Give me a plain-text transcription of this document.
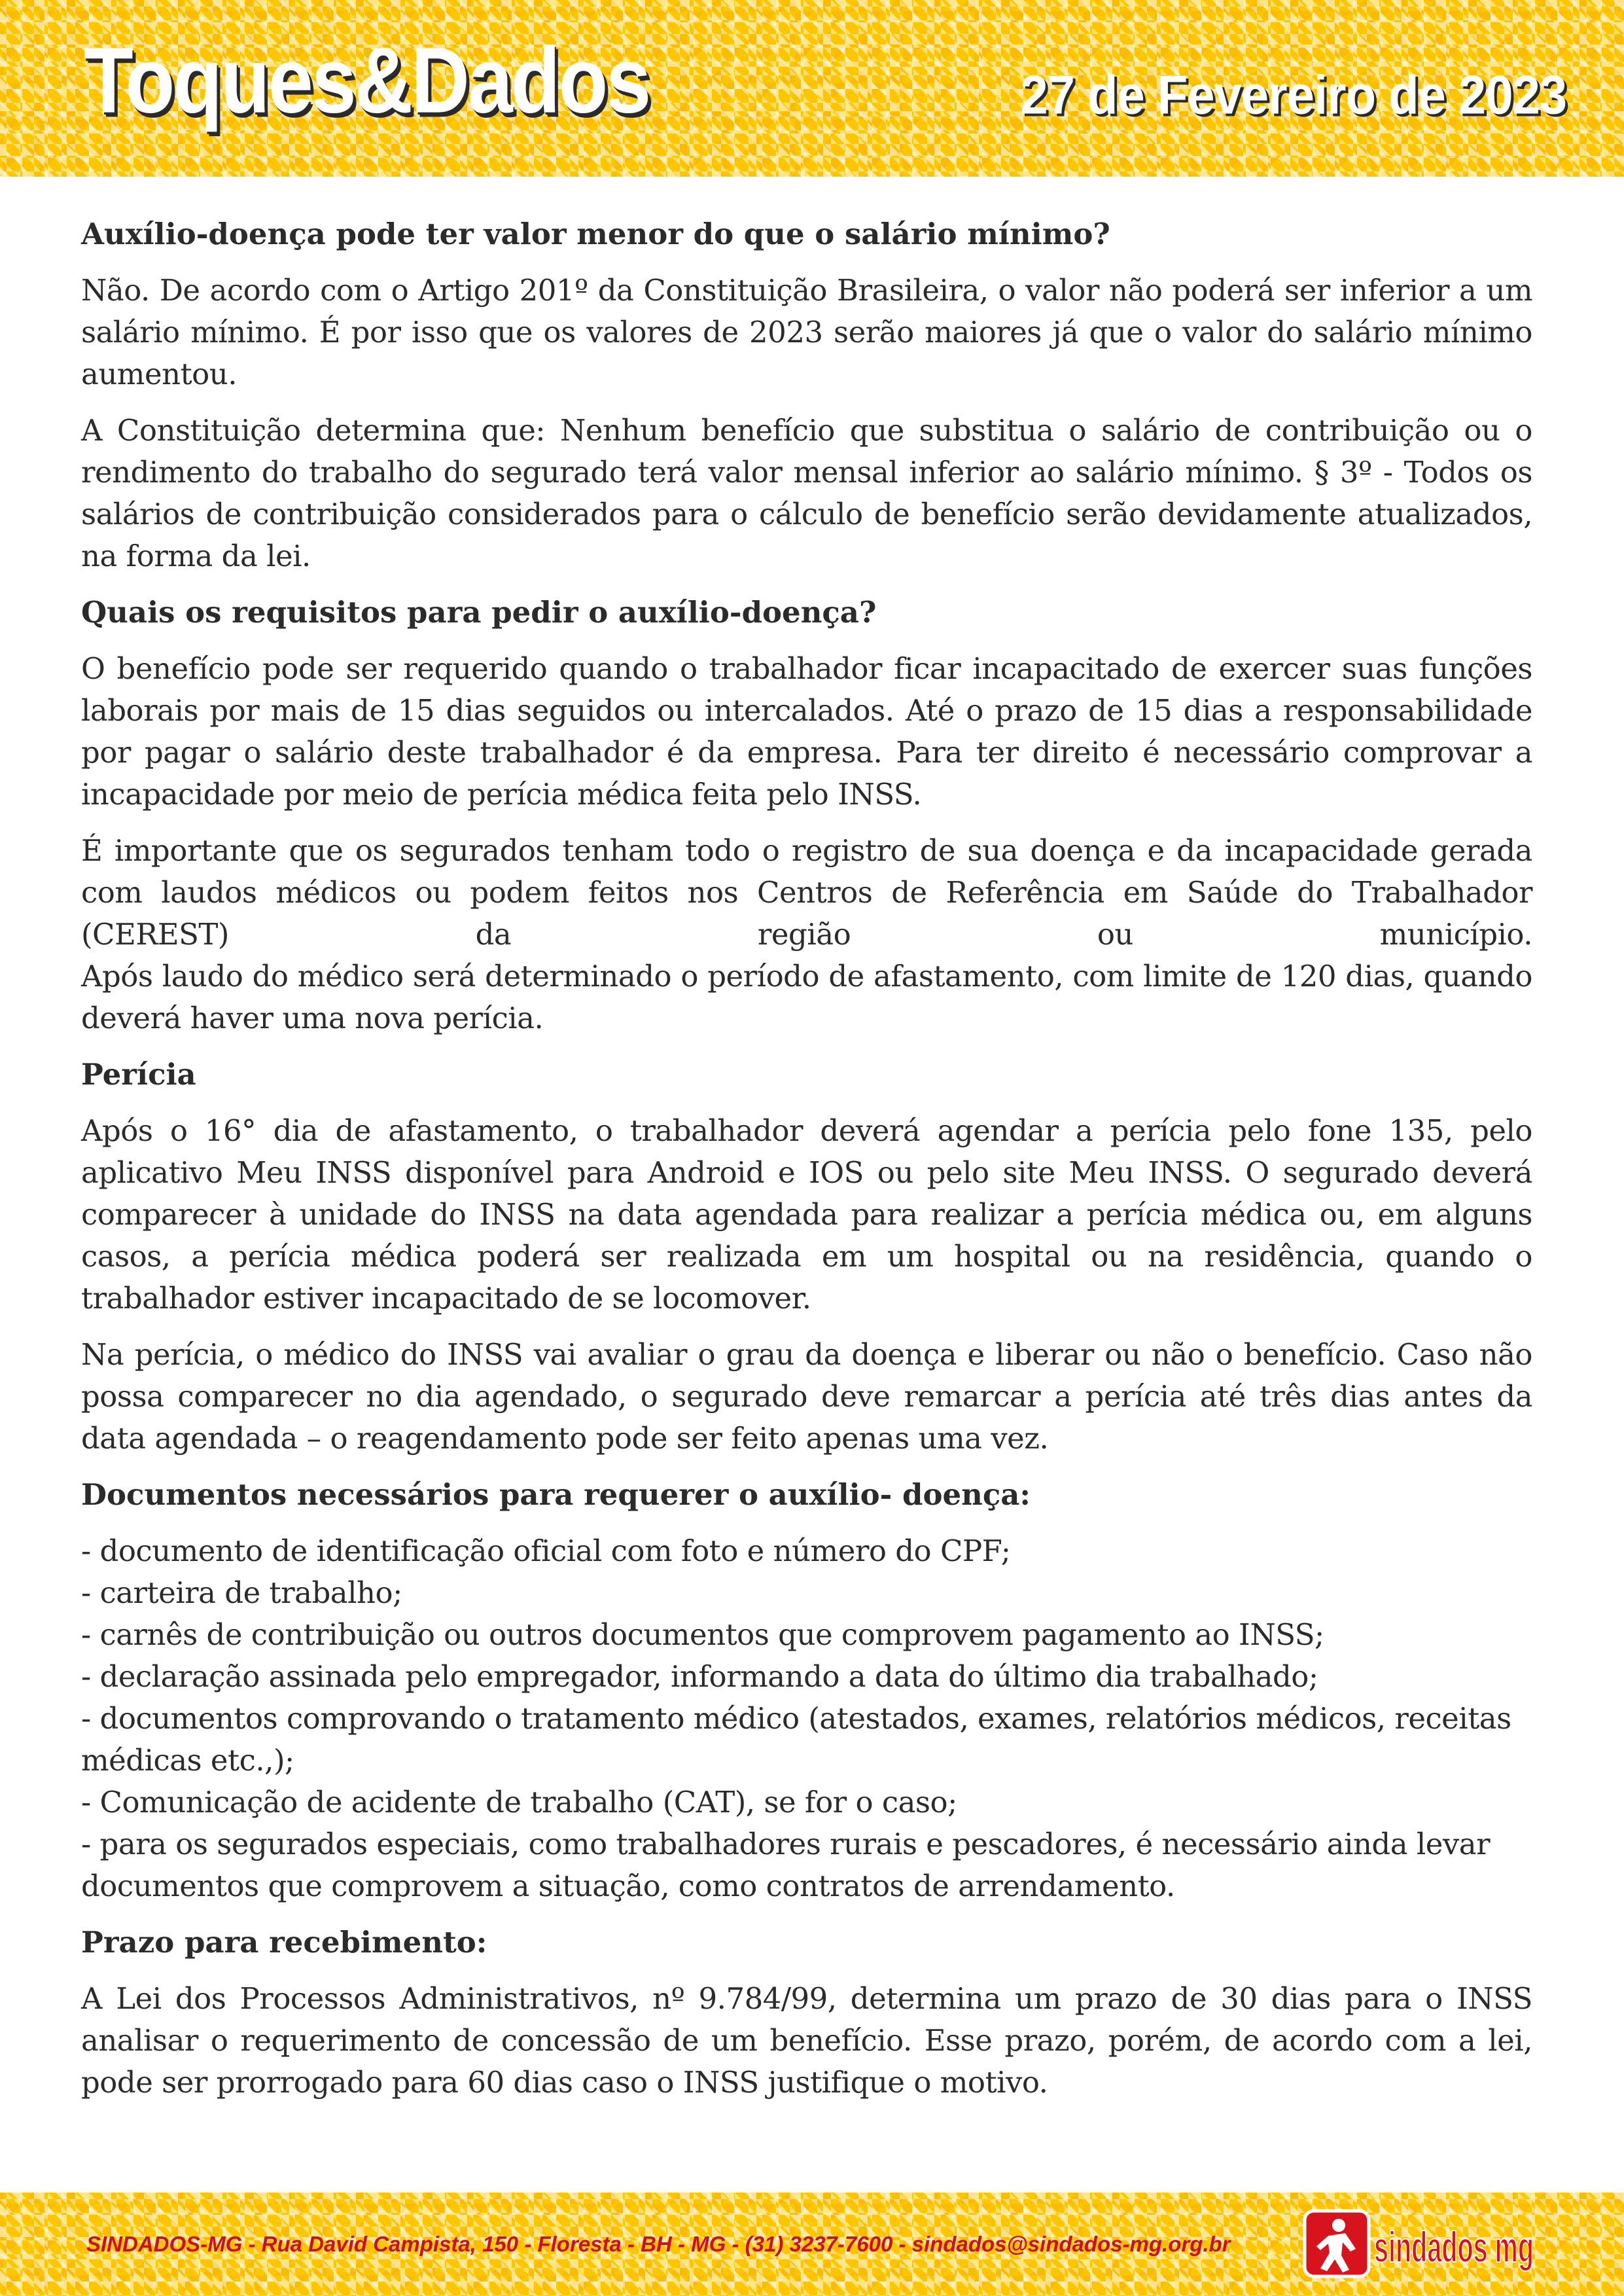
Toques&Dados	27 de Fevereiro de 2023
Auxílio-doença pode ter valor menor do que o salário mínimo?

Não. De acordo com o Artigo 201º da Constituição Brasileira, o valor não poderá ser inferior a um salário mínimo. É por isso que os valores de 2023 serão maiores já que o valor do salário mínimo aumentou.

A Constituição determina que: Nenhum benefício que substitua o salário de contribuição ou o rendimento do trabalho do segurado terá valor mensal inferior ao salário mínimo. § 3º - Todos os salários de contribuição considerados para o cálculo de benefício serão devidamente atualizados, na forma da lei.

Quais os requisitos para pedir o auxílio-doença?

O benefício pode ser requerido quando o trabalhador ficar incapacitado de exercer suas funções laborais por mais de 15 dias seguidos ou intercalados. Até o prazo de 15 dias a responsabilidade por pagar o salário deste trabalhador é da empresa. Para ter direito é necessário comprovar a incapacidade por meio de perícia médica feita pelo INSS.

É importante que os segurados tenham todo o registro de sua doença e da incapacidade gerada com laudos médicos ou podem feitos nos Centros de Referência em Saúde do Trabalhador (CEREST) da região ou município.

Após laudo do médico será determinado o período de afastamento, com limite de 120 dias, quando deverá haver uma nova perícia.

Perícia

Após o 16° dia de afastamento, o trabalhador deverá agendar a perícia pelo fone 135, pelo aplicativo Meu INSS disponível para Android e IOS ou pelo site Meu INSS. O segurado deverá comparecer à unidade do INSS na data agendada para realizar a perícia médica ou, em alguns casos, a perícia médica poderá ser realizada em um hospital ou na residência, quando o trabalhador estiver incapacitado de se locomover.

Na perícia, o médico do INSS vai avaliar o grau da doença e liberar ou não o benefício. Caso não possa comparecer no dia agendado, o segurado deve remarcar a perícia até três dias antes da data agendada – o reagendamento pode ser feito apenas uma vez.

Documentos necessários para requerer o auxílio- doença:
- documento de identificação oficial com foto e número do CPF;
- carteira de trabalho;
- carnês de contribuição ou outros documentos que comprovem pagamento ao INSS;
- declaração assinada pelo empregador, informando a data do último dia trabalhado;
- documentos comprovando o tratamento médico (atestados, exames, relatórios médicos, receitas médicas etc.,);
- Comunicação de acidente de trabalho (CAT), se for o caso;
- para os segurados especiais, como trabalhadores rurais e pescadores, é necessário ainda levar documentos que comprovem a situação, como contratos de arrendamento.
Prazo para recebimento:

A Lei dos Processos Administrativos, nº 9.784/99, determina um prazo de 30 dias para o INSS analisar o requerimento de concessão de um benefício. Esse prazo, porém, de acordo com a lei, pode ser prorrogado para 60 dias caso o INSS justifique o motivo.

SINDADOS-MG - Rua David Campista, 150 - Floresta - BH - MG - (31) 3237-7600 - sindados@sindados-mg.org.br	sindados mg
